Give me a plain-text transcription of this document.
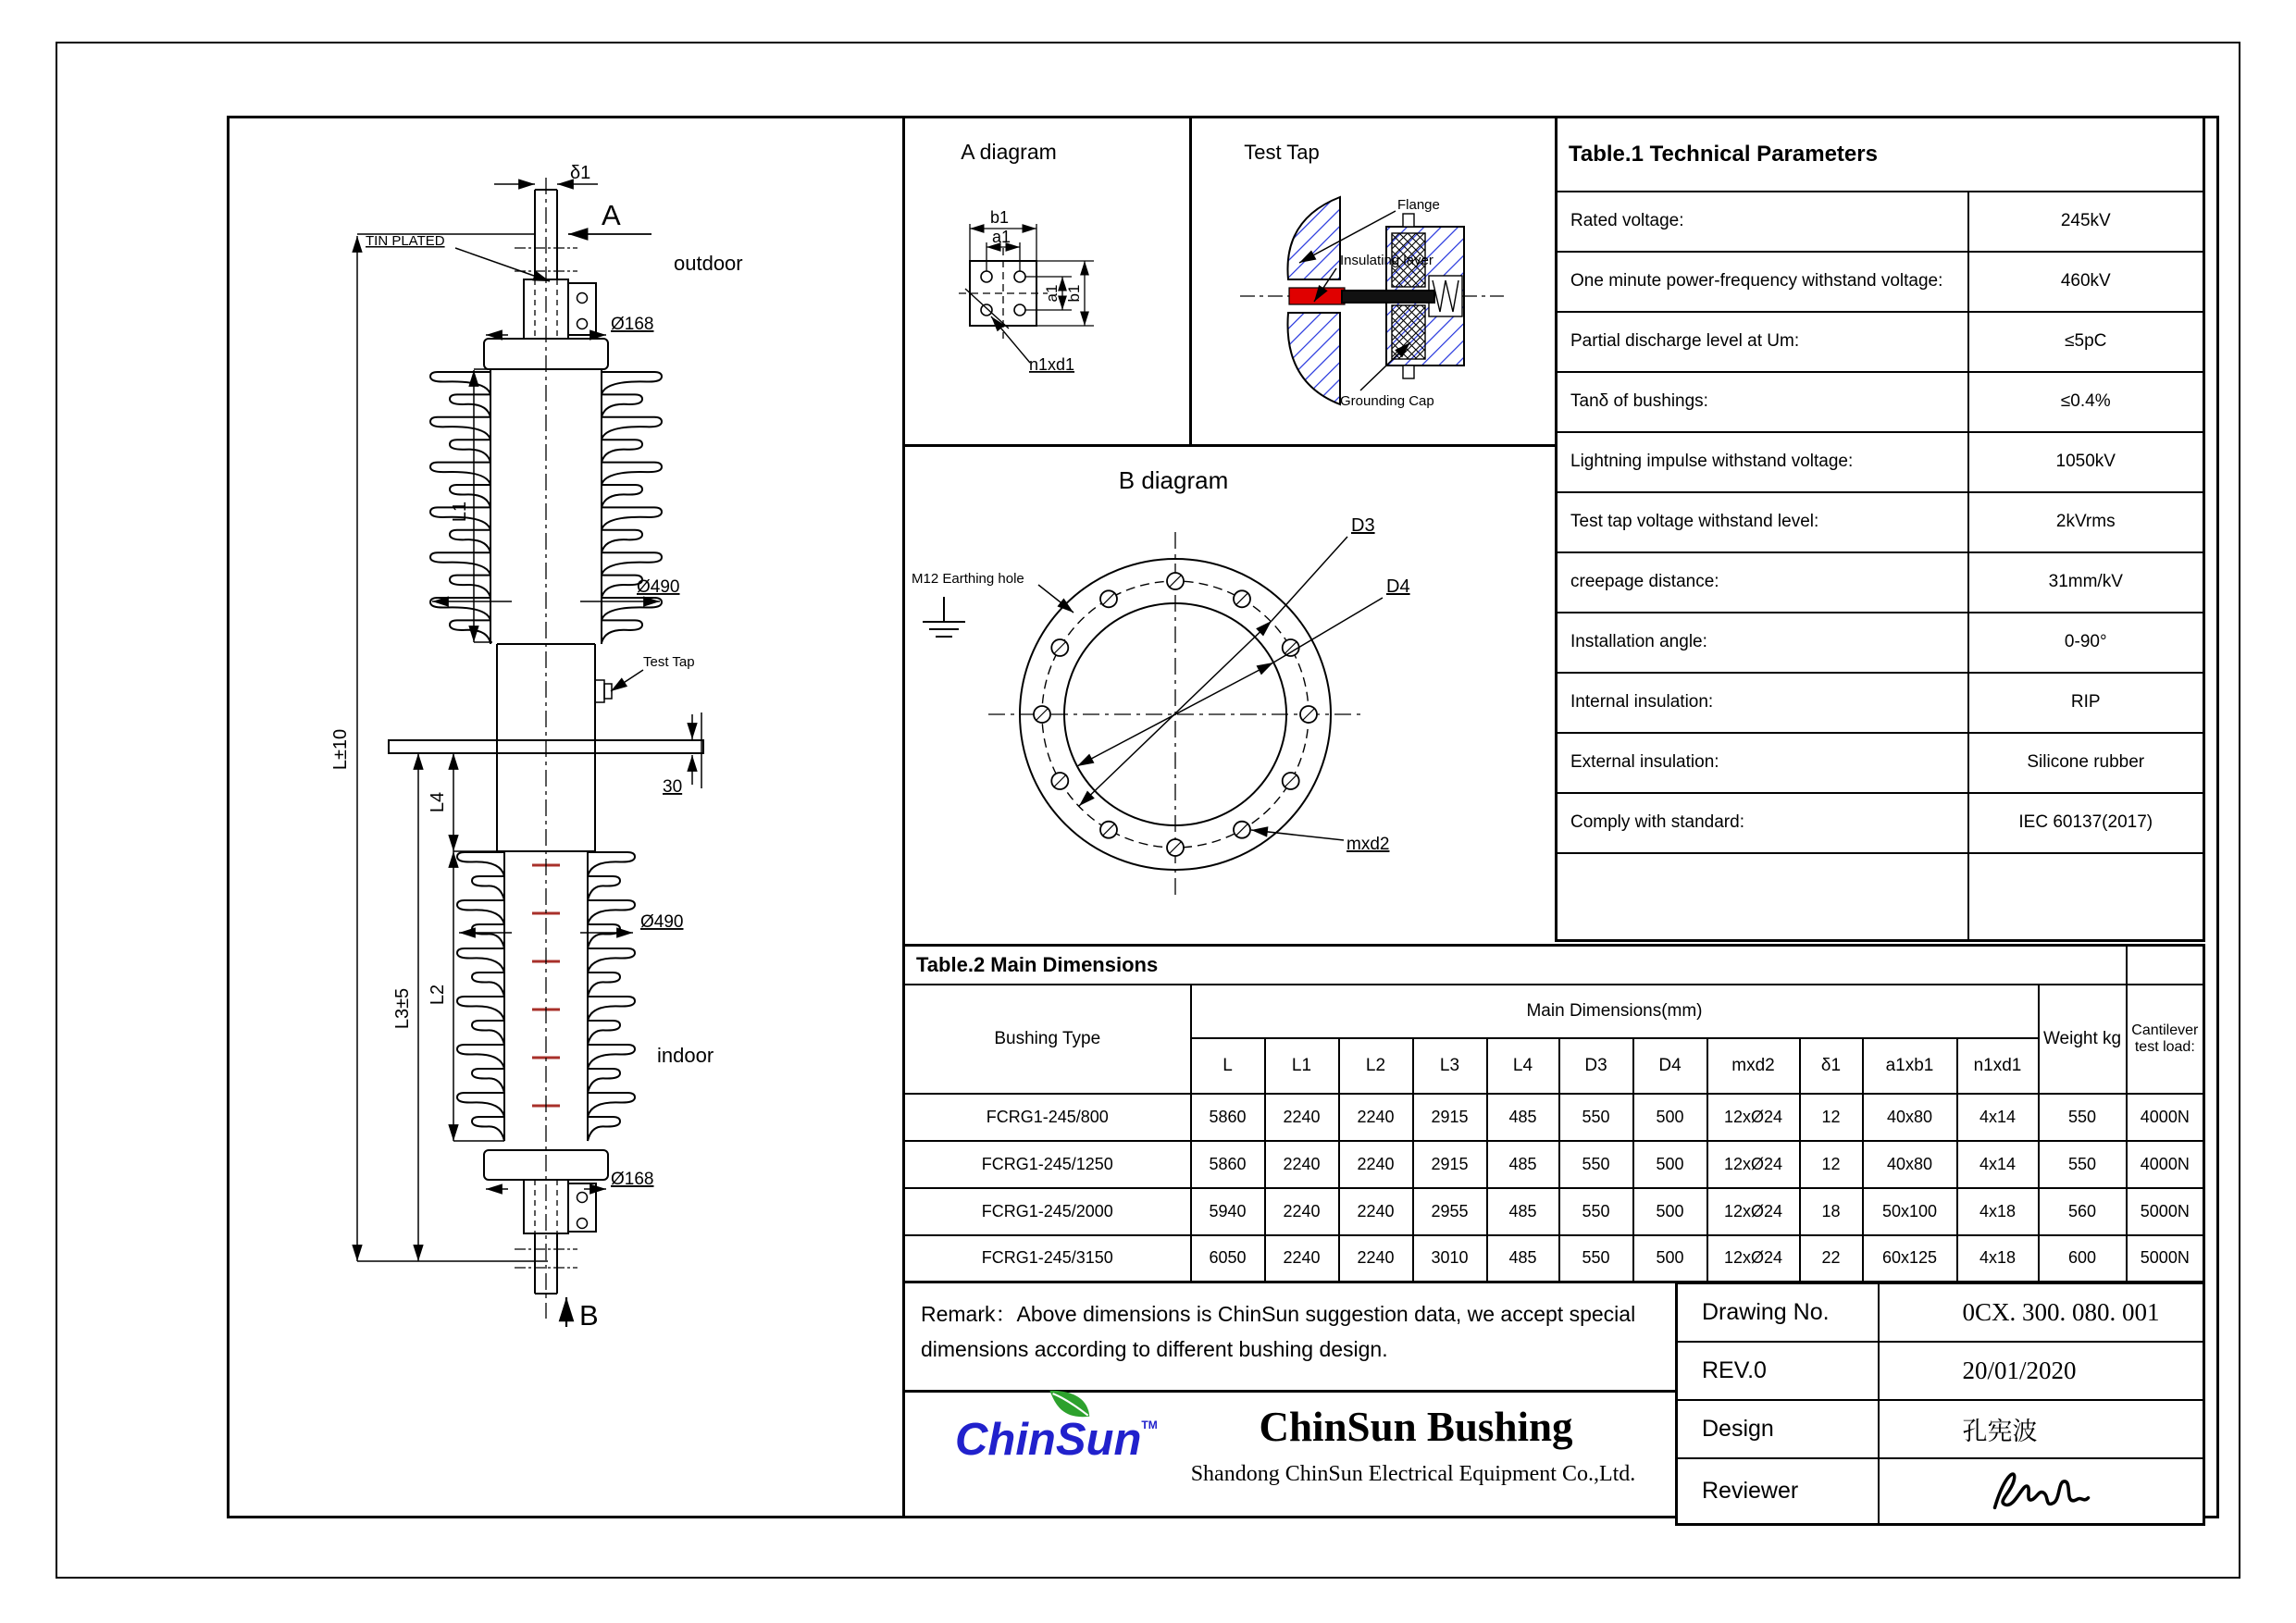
δ1
A
TIN PLATED
Ø168
outdoor
L1
Ø490
Test Tap
L±10
30
L4
L3±5 L2
indoor
Ø490
Ø168
B
A diagram
b1
a1
a1 b1
n1xd1
Test Tap
Flange
Insulating layer
Grounding Cap
B diagram
M12 Earthing hole
D3
D4
mxd2
Table.1 Technical Parameters	
Rated voltage:	245kV
One minute power-frequency withstand voltage:	460kV
Partial discharge level at Um:	≤5pC
Tanδ of bushings:	≤0.4%
Lightning impulse withstand voltage:	1050kV
Test tap voltage withstand level:	2kVrms
creepage distance:	31mm/kV
Installation angle:	0-90°
Internal insulation:	RIP
External insulation:	Silicone rubber
Comply with standard:	IEC 60137(2017)

Table.2 Main Dimensions													
Bushing Type	Main Dimensions(mm)											Weight kg	Cantilever test load:
	L	L1	L2	L3	L4	D3	D4	mxd2	δ1	a1xb1	n1xd1		
FCRG1-245/800	5860	2240	2240	2915	485	550	500	12xØ24	12	40x80	4x14	550	4000N
FCRG1-245/1250	5860	2240	2240	2915	485	550	500	12xØ24	12	40x80	4x14	550	4000N
FCRG1-245/2000	5940	2240	2240	2955	485	550	500	12xØ24	18	50x100	4x18	560	5000N
FCRG1-245/3150	6050	2240	2240	3010	485	550	500	12xØ24	22	60x125	4x18	600	5000N
Remark：Above dimensions is ChinSun suggestion data, we accept special dimensions according to different bushing design.
ChinSun™	ChinSun Bushing
Shandong ChinSun Electrical Equipment Co.,Ltd.
Drawing No.	0CX. 300. 080. 001
REV.0	20/01/2020
Design	孔宪波
Reviewer	
